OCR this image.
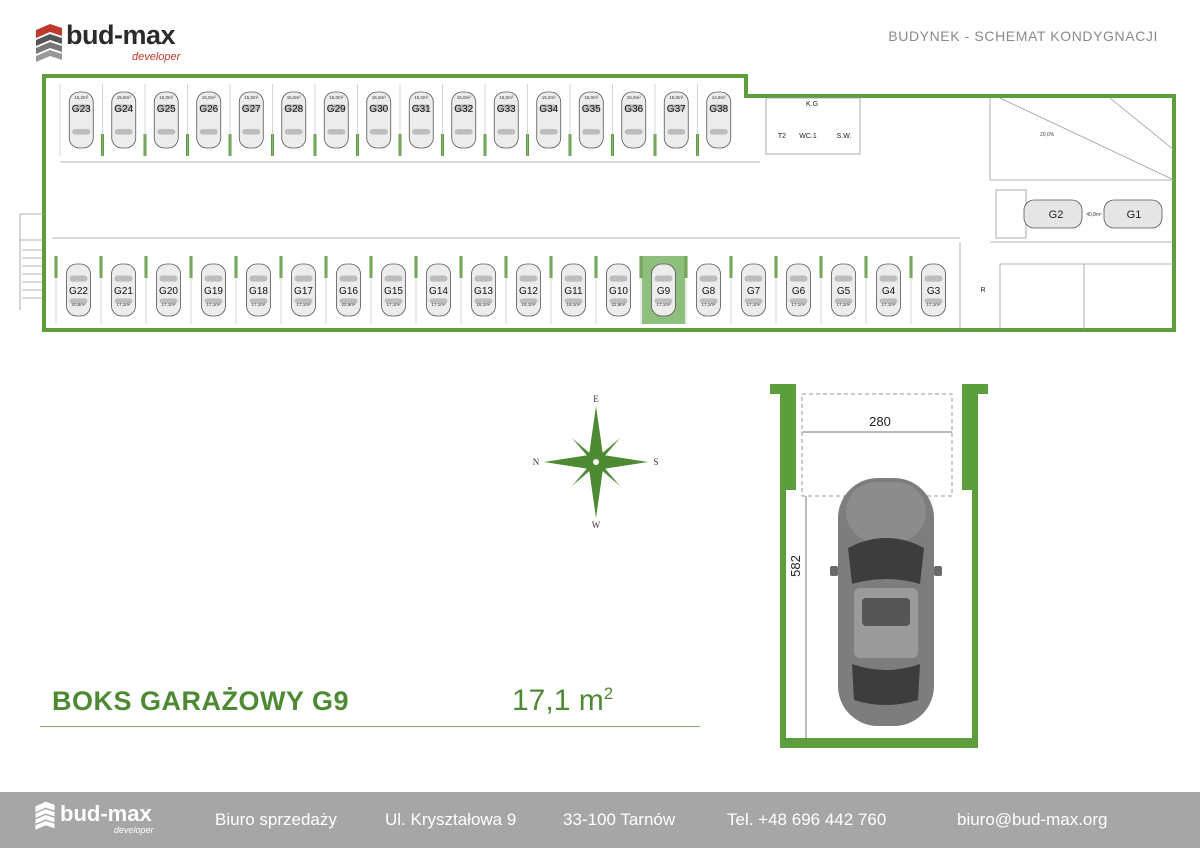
bud-max
developer
BUDYNEK - SCHEMAT KONDYGNACJI
G23
16,2m²
G24
15,0m²
G25
15,0m²
G26
15,0m²
G27
15,0m²
G28
15,0m²
G29
15,0m²
G30
15,0m²
G31
15,0m²
G32
15,0m²
G33
15,0m²
G34
15,0m²
G35
15,0m²
G36
15,0m²
G37
15,0m²
G38
14,8m²
G22
20,8m²
G21
17,1m²
G20
17,1m²
G19
17,1m²
G18
17,1m²
G17
17,1m²
G16
22,9m²
G15
17,1m²
G14
17,1m²
G13
18,1m²
G12
19,1m²
G11
19,1m²
G10
22,9m²
G9
17,1m²
G8
17,1m²
G7
17,1m²
G6
17,1m²
G5
17,1m²
G4
17,1m²
G3
17,1m²
G2	G1
40,8m²
20,0%
K.G
T2 WC.1	S.W.
R
E
W
N	S
280
582
BOKS GARAŻOWY G9	17,1 $m^2$
bud-max
developer
Biuro sprzedaży	Ul. Kryształowa 9	33-100 Tarnów	Tel. +48 696 442 760	biuro@bud-max.org
